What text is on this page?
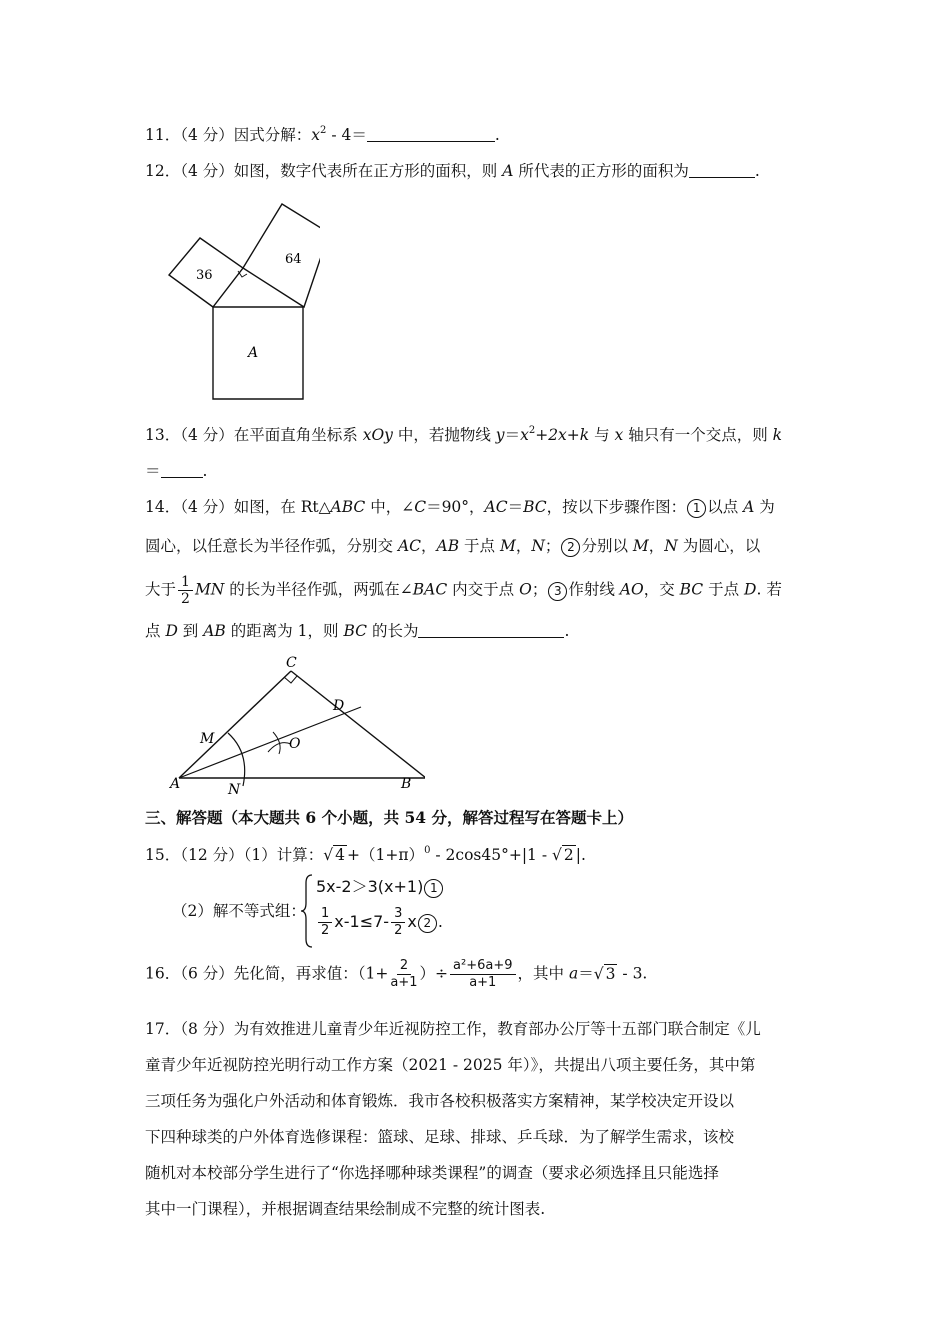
11．（4 分）因式分解：$x^2 - 4=$	.
12．（4 分）如图，数字代表所在正方形的面积，则 A 所代表的正方形的面积为	.
36
64
A
13．（4 分）在平面直角坐标系 xOy 中，若抛物线 $y=x^2+2x+k$ 与 x 轴只有一个交点，则 k
＝	.
14．（4 分）如图，在 Rt△ABC 中，∠C＝90°，AC＝BC，按以下步骤作图： 1 以点 A 为
圆心，以任意长为半径作弧，分别交 AC，AB 于点 M，N； 2 分别以 M，N 为圆心，以
大于 $\frac{1}{2}$ MN 的长为半径作弧，两弧在∠BAC 内交于点 O； 3 作射线 AO，交 BC 于点 D. 若
点 D 到 AB 的距离为 1，则 BC 的长为	.
C
D
M	O
A	N	B
三、解答题（本大题共 6 个小题，共 54 分，解答过程写在答题卡上）
15．（12 分）（1）计算：√ $4 +(1+\pi)^0 - 2\cos 45^\circ+|1$ - √ 2 |.
（2）解不等式组：
5x-2＞3(x+1) 1
$\frac{1}{2} x-1\le 7- \frac{3}{2}$ x 2 .
16．（6 分）先化简，再求值：（$1+ \frac{2}{a+1}$ ）÷ $\frac{\text{a²+6a+9}}{a+1}$ ，其中 a＝√ 3 - 3.
17．（8 分）为有效推进儿童青少年近视防控工作，教育部办公厅等十五部门联合制定《儿
童青少年近视防控光明行动工作方案（2021 - 2025 年）》，共提出八项主要任务，其中第
三项任务为强化户外活动和体育锻炼．我市各校积极落实方案精神，某学校决定开设以
下四种球类的户外体育选修课程：篮球、足球、排球、乒乓球．为了解学生需求，该校
随机对本校部分学生进行了“你选择哪种球类课程”的调查（要求必须选择且只能选择
其中一门课程），并根据调查结果绘制成不完整的统计图表.
